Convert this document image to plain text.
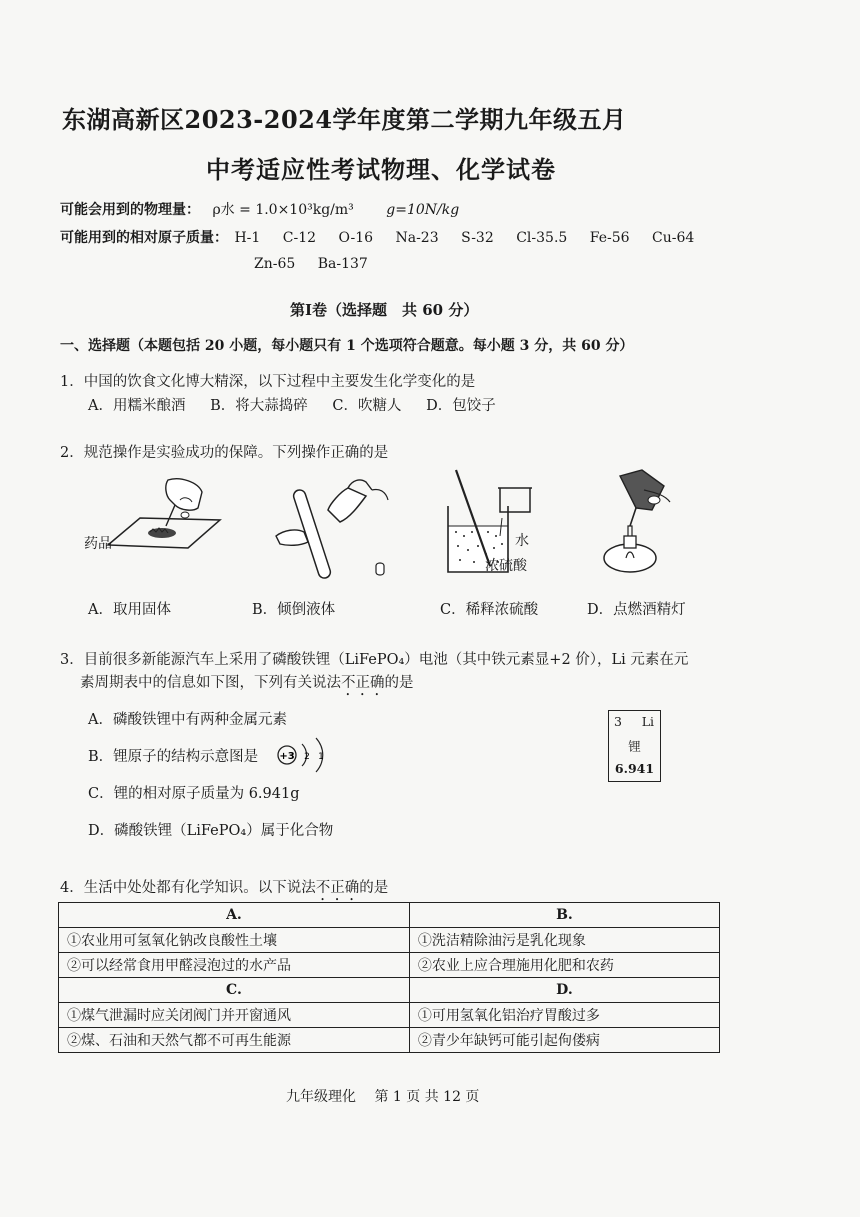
东湖高新区2023-2024学年度第二学期九年级五月
中考适应性考试物理、化学试卷
可能会用到的物理量： ρ水 = 1.0×10³kg/m³ g=10N/kg
可能用到的相对原子质量： H-1 C-12 O-16 Na-23 S-32 Cl-35.5 Fe-56 Cu-64
Zn-65 Ba-137
第Ⅰ卷（选择题　共 60 分）
一、选择题（本题包括 20 小题，每小题只有 1 个选项符合题意。每小题 3 分，共 60 分）
1．中国的饮食文化博大精深，以下过程中主要发生化学变化的是
A．用糯米酿酒 B．将大蒜捣碎 C．吹糖人 D．包饺子
2．规范操作是实验成功的保障。下列操作正确的是
药品	水
浓硫酸
A．取用固体	B．倾倒液体	C．稀释浓硫酸	D．点燃酒精灯
3．目前很多新能源汽车上采用了磷酸铁锂（LiFePO₄）电池（其中铁元素显+2 价），Li 元素在元
素周期表中的信息如下图，下列有关说法不正确的是
A．磷酸铁锂中有两种金属元素
B．锂原子的结构示意图是 +3 2 1
C．锂的相对原子质量为 6.941g
D．磷酸铁锂（LiFePO₄）属于化合物
3 Li
锂
6.941
4．生活中处处都有化学知识。以下说法不正确的是
A.	B.
①农业用可氢氧化钠改良酸性土壤	①洗洁精除油污是乳化现象
②可以经常食用甲醛浸泡过的水产品	②农业上应合理施用化肥和农药
C.	D.
①煤气泄漏时应关闭阀门并开窗通风	①可用氢氧化铝治疗胃酸过多
②煤、石油和天然气都不可再生能源	②青少年缺钙可能引起佝偻病
九年级理化　 第 1 页 共 12 页
